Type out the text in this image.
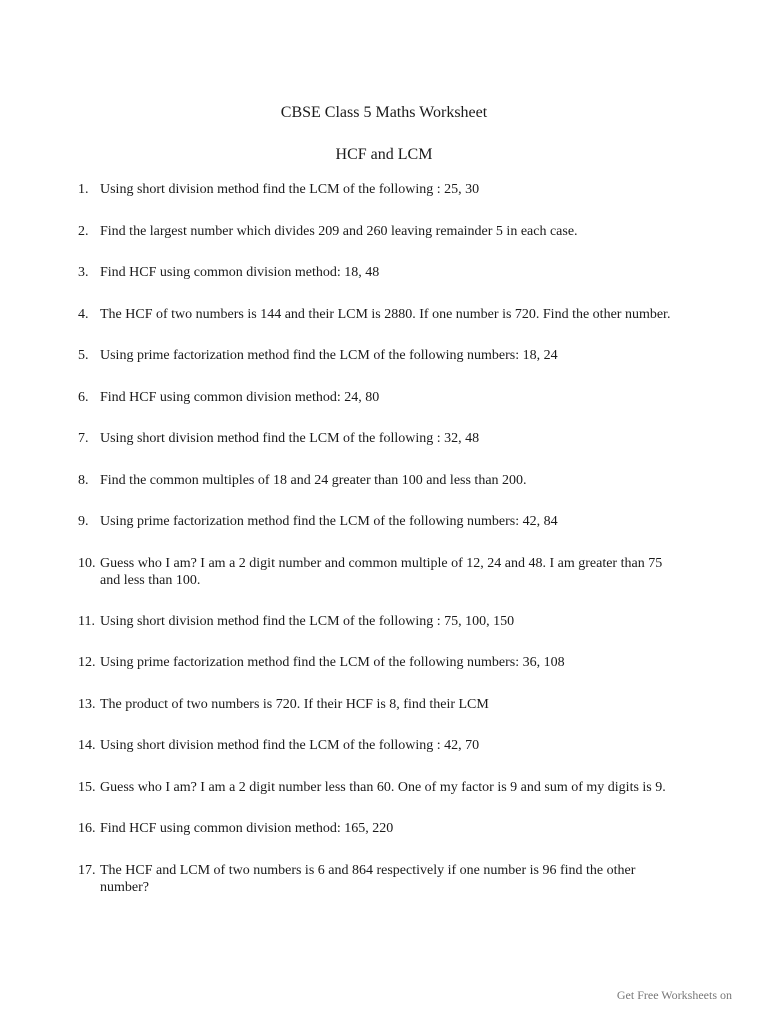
CBSE Class 5 Maths Worksheet
HCF and LCM
1. Using short division method find the LCM of the following : 25, 30
2. Find the largest number which divides 209 and 260 leaving remainder 5 in each case.
3. Find HCF using common division method: 18, 48
4. The HCF of two numbers is 144 and their LCM is 2880. If one number is 720. Find the other number.
5. Using prime factorization method find the LCM of the following numbers: 18, 24
6. Find HCF using common division method: 24, 80
7. Using short division method find the LCM of the following : 32, 48
8. Find the common multiples of 18 and 24 greater than 100 and less than 200.
9. Using prime factorization method find the LCM of the following numbers: 42, 84
10. Guess who I am? I am a 2 digit number and common multiple of 12, 24 and 48. I am greater than 75 and less than 100.
11. Using short division method find the LCM of the following : 75, 100, 150
12. Using prime factorization method find the LCM of the following numbers: 36, 108
13. The product of two numbers is 720. If their HCF is 8, find their LCM
14. Using short division method find the LCM of the following : 42, 70
15. Guess who I am? I am a 2 digit number less than 60. One of my factor is 9 and sum of my digits is 9.
16. Find HCF using common division method: 165, 220
17. The HCF and LCM of two numbers is 6 and 864 respectively if one number is 96 find the other number?
Get Free Worksheets on
